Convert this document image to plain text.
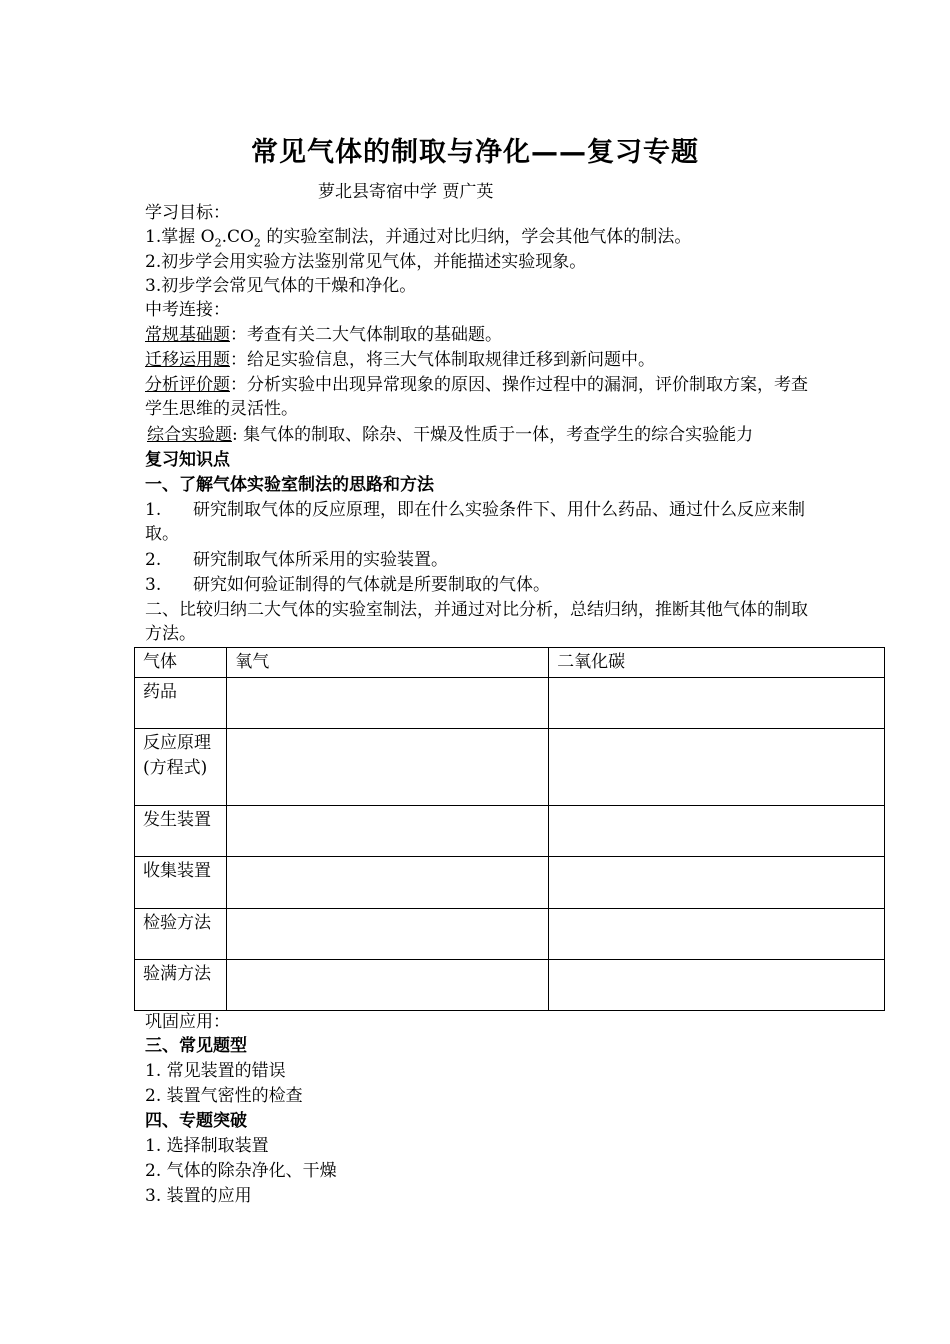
常见气体的制取与净化——复习专题
萝北县寄宿中学 贾广英
学习目标：
1.掌握 $O_2.CO_2$ 的实验室制法，并通过对比归纳，学会其他气体的制法。
2.初步学会用实验方法鉴别常见气体，并能描述实验现象。
3.初步学会常见气体的干燥和净化。
中考连接：
常规基础题：考查有关二大气体制取的基础题。
迁移运用题：给足实验信息，将三大气体制取规律迁移到新问题中。
分析评价题：分析实验中出现异常现象的原因、操作过程中的漏洞，评价制取方案，考查学生思维的灵活性。
综合实验题: 集气体的制取、除杂、干燥及性质于一体，考查学生的综合实验能力
复习知识点
一、了解气体实验室制法的思路和方法
1. 研究制取气体的反应原理，即在什么实验条件下、用什么药品、通过什么反应来制取。
2. 研究制取气体所采用的实验装置。
3. 研究如何验证制得的气体就是所要制取的气体。
二、比较归纳二大气体的实验室制法，并通过对比分析，总结归纳，推断其他气体的制取方法。
气体	氧气	二氧化碳
药品		
反应原理(方程式)		
发生装置		
收集装置		
检验方法		
验满方法		
巩固应用：
三、常见题型
1. 常见装置的错误
2. 装置气密性的检查
四、专题突破
1. 选择制取装置
2. 气体的除杂净化、干燥
3. 装置的应用
